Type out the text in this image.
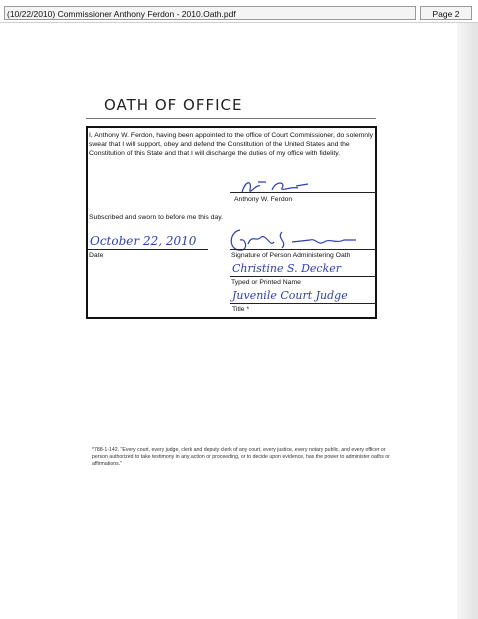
(10/22/2010) Commissioner Anthony Ferdon - 2010.Oath.pdf	Page 2
OATH OF OFFICE
I, Anthony W. Ferdon, having been appointed to the office of Court Commissioner, do solemnly swear that I will support, obey and defend the Constitution of the United States and the Constitution of this State and that I will discharge the duties of my office with fidelity.
Anthony W. Ferdon
Subscribed and sworn to before me this day.
October 22, 2010
Date	Signature of Person Administering Oath
Christine S. Decker
Typed or Printed Name
Juvenile Court Judge
Title *
*788-1-142. "Every court, every judge, clerk and deputy clerk of any court, every justice, every notary public, and every officer or person authorized to take testimony in any action or proceeding, or to decide upon evidence, has the power to administer oaths or affirmations."
